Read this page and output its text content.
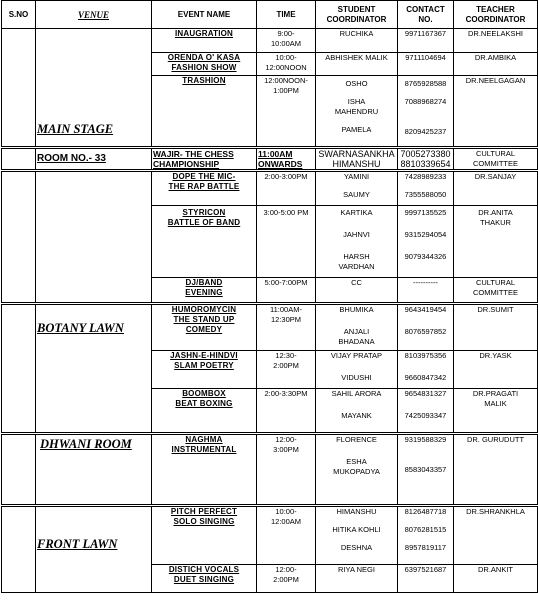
S.NO	VENUE	EVENT NAME	TIME	STUDENT
COORDINATOR	CONTACT
NO.	TEACHER
COORDINATOR

	MAIN STAGE	INAUGRATION	9:00-
10:00AM	RUCHIKA	9971167367	DR.NEELAKSHI

		ORENDA O' KASA
FASHION SHOW	10:00-
12:00NOON	ABHISHEK MALIK	9711104694	DR.AMBIKA
		TRASHION	12:00NOON-
1:00PM	OSHO
ISHA
MAHENDRU
PAMELA	8765928588
7088968274
8209425237	DR.NEELGAGAN
	ROOM NO.- 33	WAJIR- THE CHESS
CHAMPIONSHIP	11:00AM
ONWARDS	SWARNASANKHA
HIMANSHU	7005273380
8810339654	CULTURAL
COMMITTEE

		DOPE THE MIC-
THE RAP BATTLE	2:00-3:00PM	YAMINI
SAUMY	7428989233
7355588050	DR.SANJAY

		STYRICON
BATTLE OF BAND	3:00-5:00 PM	KARTIKA
JAHNVI
HARSH
VARDHAN	9997135525
9315294054
9079344326	DR.ANITA
THAKUR

		DJ/BAND
EVENING	5:00-7:00PM	CC	----------	CULTURAL
COMMITTEE

	BOTANY LAWN	HUMOROMYCIN
THE STAND UP
COMEDY	11:00AM-
12:30PM	BHUMIKA
ANJALI
BHADANA	9643419454
8076597852	DR.SUMIT

		JASHN-E-HINDVI
SLAM POETRY	12:30-
2:00PM	VIJAY PRATAP
VIDUSHI	8103975356
9660847342	DR.YASK

		BOOMBOX
BEAT BOXING	2:00-3:30PM	SAHIL ARORA
MAYANK	9654831327
7425093347	DR.PRAGATI
MALIK

	DHWANI ROOM	NAGHMA
INSTRUMENTAL	12:00-
3:00PM	FLORENCE
ESHA
MUKOPADYA	9319588329
8583043357	DR. GURUDUTT
	FRONT LAWN	PITCH PERFECT
SOLO SINGING	10:00-
12:00AM	HIMANSHU
HITIKA KOHLI
DESHNA	8126487718
8076281515
8957819117	DR.SHRANKHLA

		DISTICH VOCALS
DUET SINGING	12:00-
2:00PM	RIYA NEGI	6397521687	DR.ANKIT
